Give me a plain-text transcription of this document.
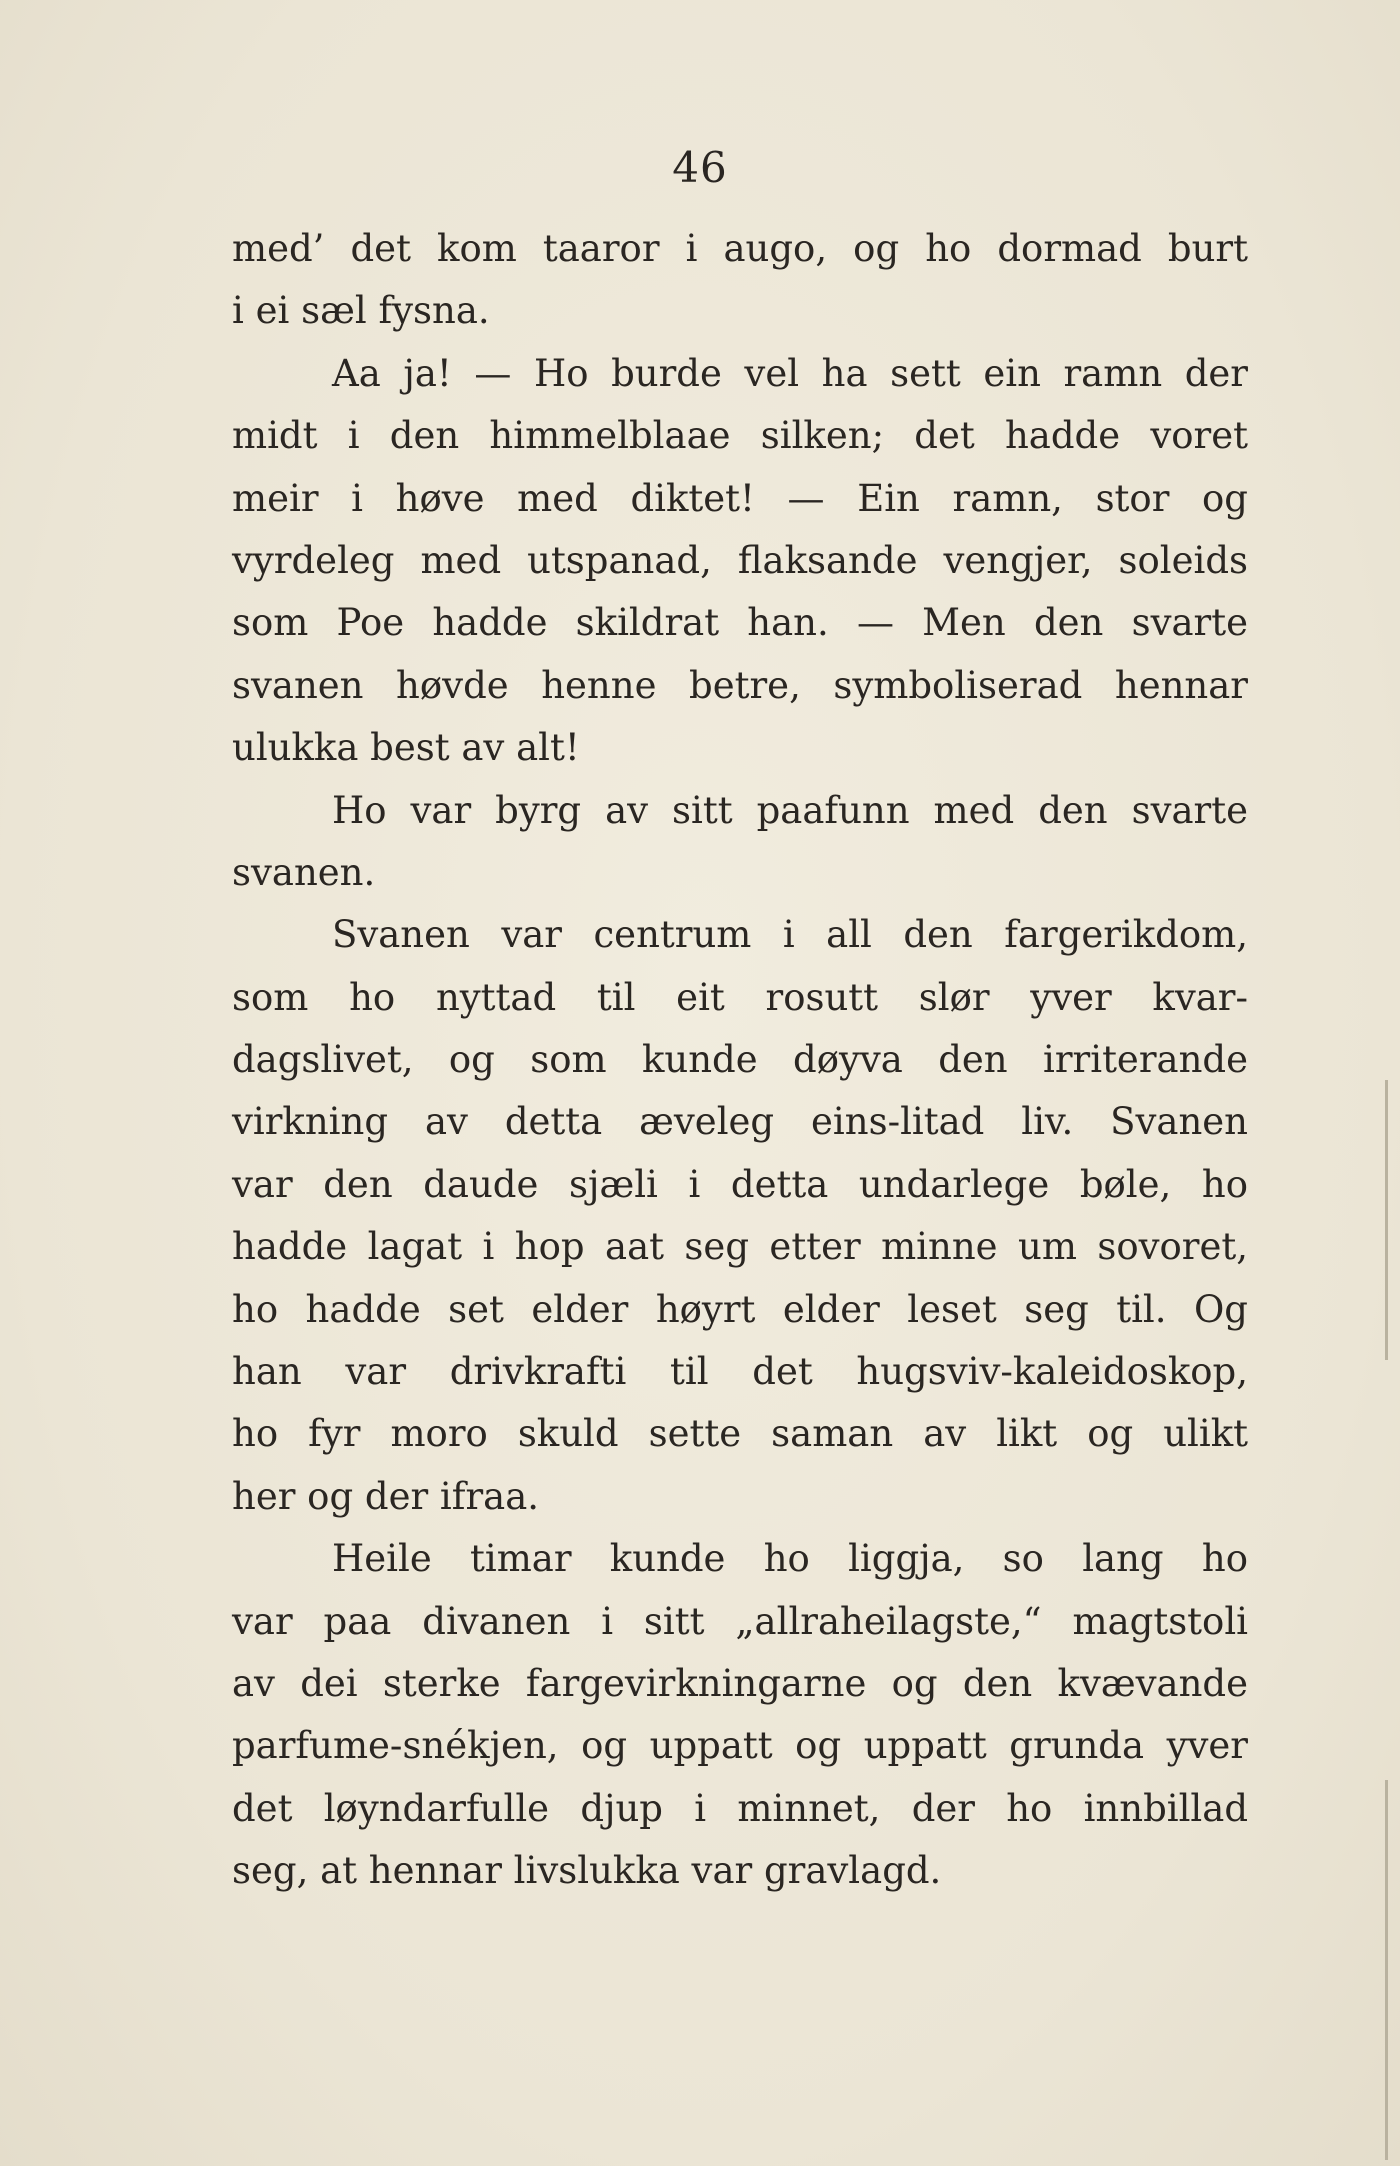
46
med’ det kom taaror i augo, og ho dormad burt
i ei sæl fysna.
Aa ja! — Ho burde vel ha sett ein ramn der
midt i den himmelblaae silken; det hadde voret
meir i høve med diktet! — Ein ramn, stor og
vyrdeleg med utspanad, flaksande vengjer, soleids
som Poe hadde skildrat han. — Men den svarte
svanen høvde henne betre, symboliserad hennar
ulukka best av alt!
Ho var byrg av sitt paafunn med den svarte
svanen.
Svanen var centrum i all den fargerikdom,
som ho nyttad til eit rosutt slør yver kvar-
dagslivet, og som kunde døyva den irriterande
virkning av detta æveleg eins-litad liv. Svanen
var den daude sjæli i detta undarlege bøle, ho
hadde lagat i hop aat seg etter minne um sovoret,
ho hadde set elder høyrt elder leset seg til. Og
han var drivkrafti til det hugsviv-kaleidoskop,
ho fyr moro skuld sette saman av likt og ulikt
her og der ifraa.
Heile timar kunde ho liggja, so lang ho
var paa divanen i sitt „allraheilagste,“ magtstoli
av dei sterke fargevirkningarne og den kvævande
parfume-snékjen, og uppatt og uppatt grunda yver
det løyndarfulle djup i minnet, der ho innbillad
seg, at hennar livslukka var gravlagd.
